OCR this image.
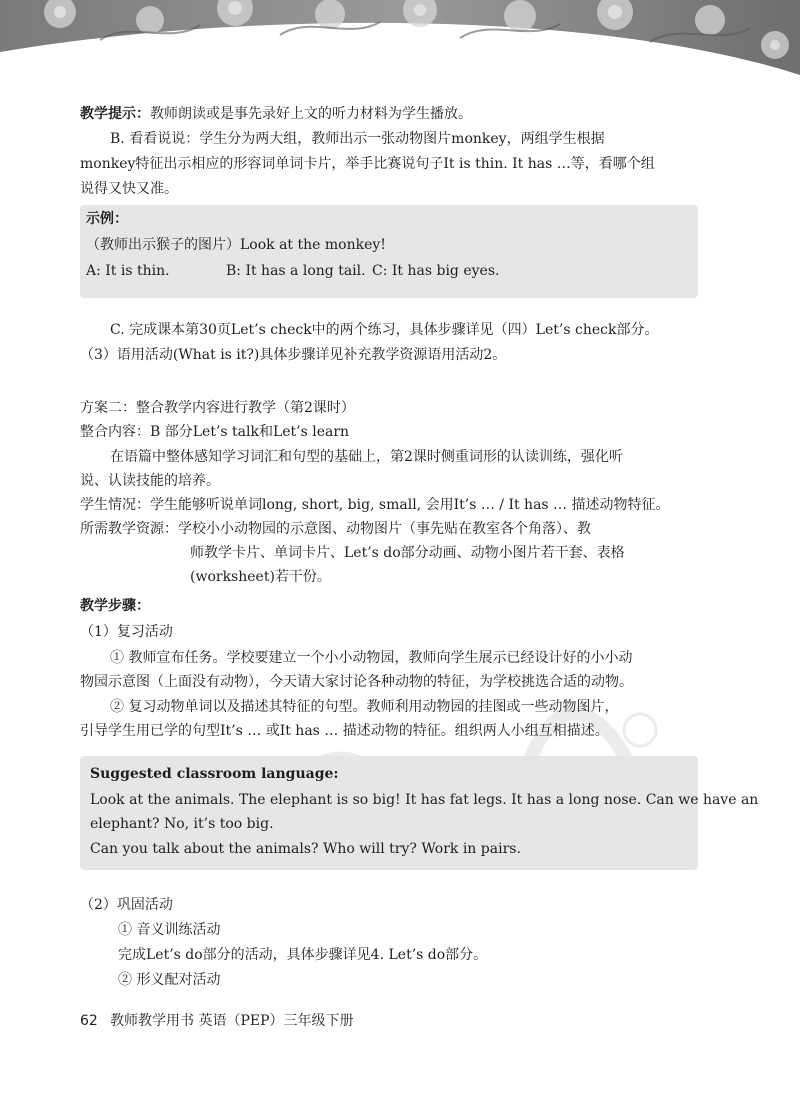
教学提示：教师朗读或是事先录好上文的听力材料为学生播放。
B. 看看说说：学生分为两大组，教师出示一张动物图片monkey，两组学生根据
monkey特征出示相应的形容词单词卡片，举手比赛说句子It is thin. It has …等，看哪个组
说得又快又准。
示例：
（教师出示猴子的图片）Look at the monkey!
A: It is thin.	B: It has a long tail. C: It has big eyes.
C. 完成课本第30页Let’s check中的两个练习，具体步骤详见（四）Let’s check部分。
（3）语用活动(What is it?)具体步骤详见补充教学资源语用活动2。
方案二：整合教学内容进行教学（第2课时）
整合内容：B 部分Let’s talk和Let’s learn
在语篇中整体感知学习词汇和句型的基础上，第2课时侧重词形的认读训练，强化听
说、认读技能的培养。
学生情况：学生能够听说单词long, short, big, small, 会用It’s … / It has … 描述动物特征。
所需教学资源：学校小小动物园的示意图、动物图片（事先贴在教室各个角落）、教
师教学卡片、单词卡片、Let’s do部分动画、动物小图片若干套、表格
(worksheet)若干份。
教学步骤：
（1）复习活动
① 教师宣布任务。学校要建立一个小小动物园，教师向学生展示已经设计好的小小动
物园示意图（上面没有动物），今天请大家讨论各种动物的特征，为学校挑选合适的动物。
② 复习动物单词以及描述其特征的句型。教师利用动物园的挂图或一些动物图片，
引导学生用已学的句型It’s … 或It has … 描述动物的特征。组织两人小组互相描述。
Suggested classroom language:
Look at the animals. The elephant is so big! It has fat legs. It has a long nose. Can we have an
elephant? No, it’s too big.
Can you talk about the animals? Who will try? Work in pairs.
（2）巩固活动
① 音义训练活动
完成Let’s do部分的活动，具体步骤详见4. Let’s do部分。
② 形义配对活动
62 教师教学用书 英语（PEP）三年级下册
